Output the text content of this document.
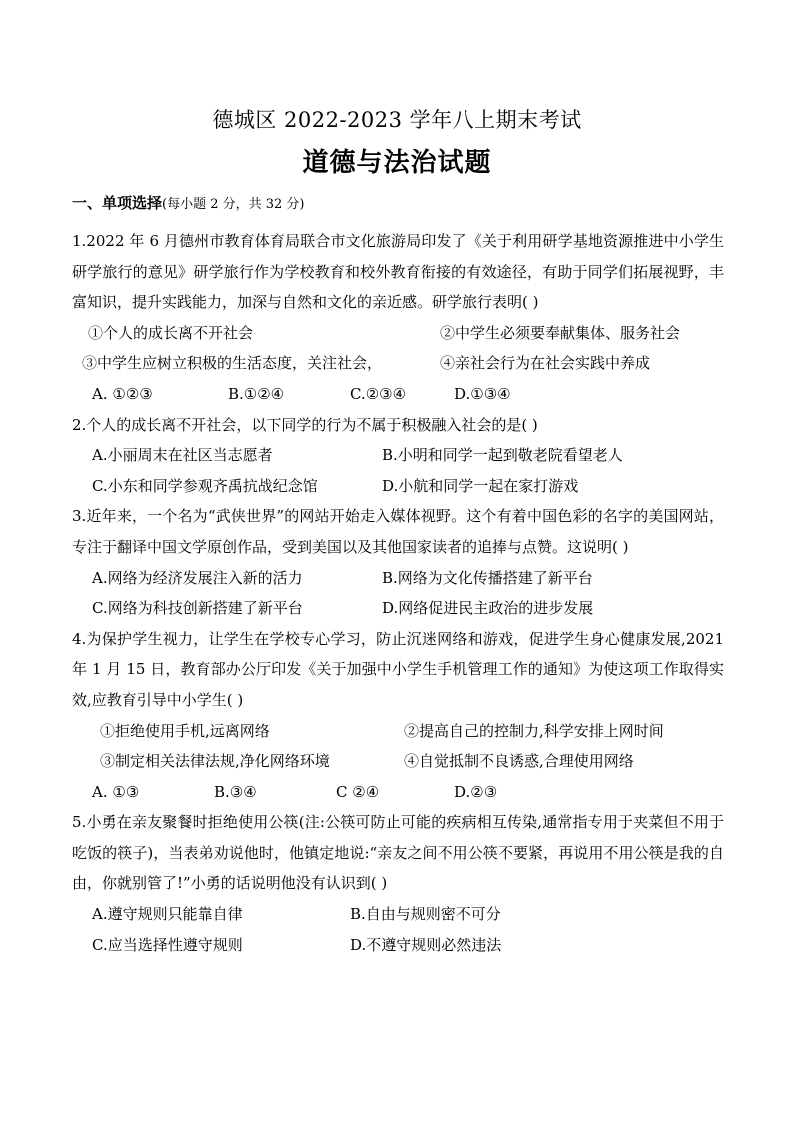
德城区 2022-2023 学年八上期末考试
道德与法治试题
一、单项选择(每小题 2 分，共 32 分)
1.2022 年 6 月德州市教育体育局联合市文化旅游局印发了《关于利用研学基地资源推进中小学生研学旅行的意见》研学旅行作为学校教育和校外教育衔接的有效途径，有助于同学们拓展视野，丰富知识，提升实践能力，加深与自然和文化的亲近感。研学旅行表明( )
①个人的成长离不开社会	②中学生必须要奉献集体、服务社会
③中学生应树立积极的生活态度，关注社会，	④亲社会行为在社会实践中养成
A. ①②③	B.①②④	C.②③④	D.①③④
2.个人的成长离不开社会，以下同学的行为不属于积极融入社会的是( )
A.小丽周末在社区当志愿者	B.小明和同学一起到敬老院看望老人
C.小东和同学参观齐禹抗战纪念馆	D.小航和同学一起在家打游戏
3.近年来，一个名为“武侠世界”的网站开始走入媒体视野。这个有着中国色彩的名字的美国网站，专注于翻译中国文学原创作品，受到美国以及其他国家读者的追捧与点赞。这说明( )
A.网络为经济发展注入新的活力	B.网络为文化传播搭建了新平台
C.网络为科技创新搭建了新平台	D.网络促进民主政治的进步发展
4.为保护学生视力，让学生在学校专心学习，防止沉迷网络和游戏，促进学生身心健康发展,2021 年 1 月 15 日，教育部办公厅印发《关于加强中小学生手机管理工作的通知》为使这项工作取得实效,应教育引导中小学生( )
①拒绝使用手机,远离网络	②提高自己的控制力,科学安排上网时间
③制定相关法律法规,净化网络环境	④自觉抵制不良诱惑,合理使用网络
A. ①③	B.③④	C ②④	D.②③
5.小勇在亲友聚餐时拒绝使用公筷(注:公筷可防止可能的疾病相互传染,通常指专用于夹菜但不用于吃饭的筷子)，当表弟劝说他时，他镇定地说:“亲友之间不用公筷不要紧，再说用不用公筷是我的自由，你就别管了!”小勇的话说明他没有认识到( )
A.遵守规则只能靠自律	B.自由与规则密不可分
C.应当选择性遵守规则	D.不遵守规则必然违法
